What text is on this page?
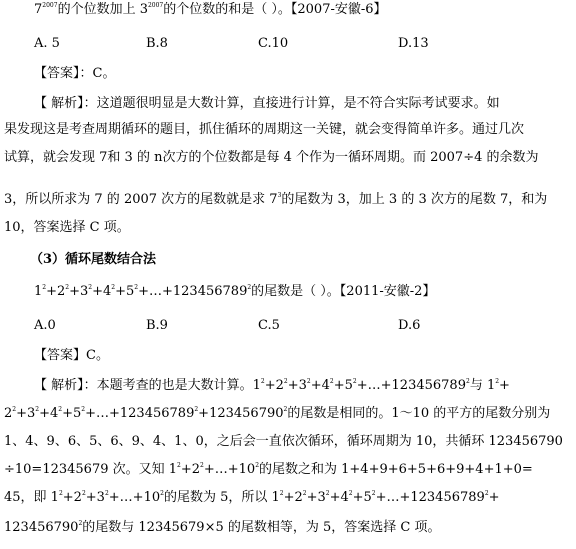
$7^{2007}$的个位数加上 $3^{2007}$的个位数的和是（ ）。【2007-安徽-6】
A. 5	B.8	C.10	D.13
【答案】：C。
【 解析】：这道题很明显是大数计算，直接进行计算，是不符合实际考试要求。如
果发现这是考查周期循环的题目，抓住循环的周期这一关键，就会变得简单许多。通过几次
试算，就会发现 7和 3 的 n次方的个位数都是每 4 个作为一循环周期。而 2007÷4 的余数为
3，所以所求为 7 的 2007 次方的尾数就是求 $7^3$的尾数为 3，加上 3 的 3 次方的尾数 7，和为
10，答案选择 C 项。
（3）循环尾数结合法
$1^2+2^2+3^2+4^2+5^2+\dots+123456789^2$的尾数是（ ）。【2011-安徽-2】
A.0	B.9	C.5	D.6
【答案】C。
【 解析】：本题考查的也是大数计算。$1^2+2^2+3^2+4^2+5^2+\dots+123456789^2$与 $1^2+$
$2^2+3^2+4^2+5^2+\dots+123456789^2+123456790^2$的尾数是相同的。1～10 的平方的尾数分别为
1、4、9、6、5、6、9、4、1、0，之后会一直依次循环，循环周期为 10，共循环 123456790
÷10=12345679 次。又知 $1^2+2^2+\dots+10^2$的尾数之和为 1+4+9+6+5+6+9+4+1+0=
45，即 $1^2+2^2+3^2+\dots+10^2$的尾数为 5，所以 $1^2+2^2+3^2+4^2+5^2+\dots+123456789^2+$
$123456790^2$的尾数与 12345679×5 的尾数相等，为 5，答案选择 C 项。
